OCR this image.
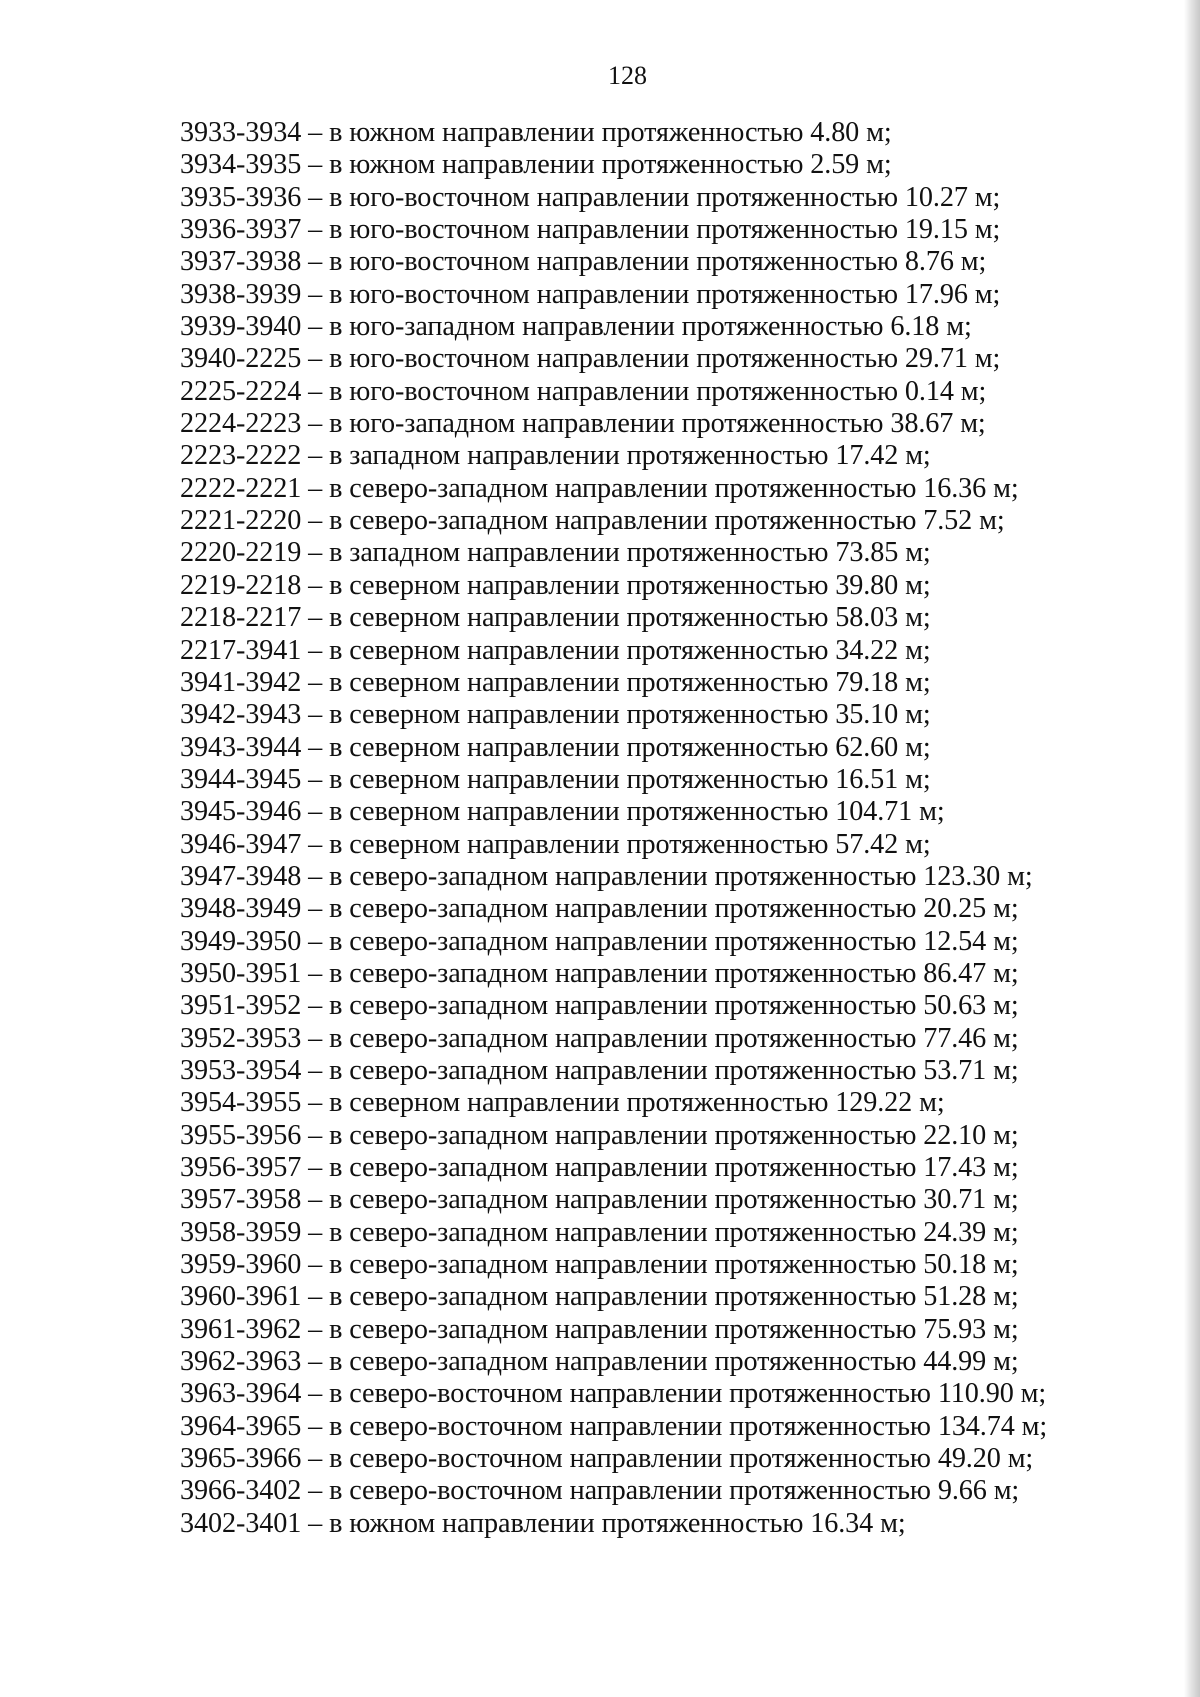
128
3933-3934 – в южном направлении протяженностью 4.80 м;
3934-3935 – в южном направлении протяженностью 2.59 м;
3935-3936 – в юго-восточном направлении протяженностью 10.27 м;
3936-3937 – в юго-восточном направлении протяженностью 19.15 м;
3937-3938 – в юго-восточном направлении протяженностью 8.76 м;
3938-3939 – в юго-восточном направлении протяженностью 17.96 м;
3939-3940 – в юго-западном направлении протяженностью 6.18 м;
3940-2225 – в юго-восточном направлении протяженностью 29.71 м;
2225-2224 – в юго-восточном направлении протяженностью 0.14 м;
2224-2223 – в юго-западном направлении протяженностью 38.67 м;
2223-2222 – в западном направлении протяженностью 17.42 м;
2222-2221 – в северо-западном направлении протяженностью 16.36 м;
2221-2220 – в северо-западном направлении протяженностью 7.52 м;
2220-2219 – в западном направлении протяженностью 73.85 м;
2219-2218 – в северном направлении протяженностью 39.80 м;
2218-2217 – в северном направлении протяженностью 58.03 м;
2217-3941 – в северном направлении протяженностью 34.22 м;
3941-3942 – в северном направлении протяженностью 79.18 м;
3942-3943 – в северном направлении протяженностью 35.10 м;
3943-3944 – в северном направлении протяженностью 62.60 м;
3944-3945 – в северном направлении протяженностью 16.51 м;
3945-3946 – в северном направлении протяженностью 104.71 м;
3946-3947 – в северном направлении протяженностью 57.42 м;
3947-3948 – в северо-западном направлении протяженностью 123.30 м;
3948-3949 – в северо-западном направлении протяженностью 20.25 м;
3949-3950 – в северо-западном направлении протяженностью 12.54 м;
3950-3951 – в северо-западном направлении протяженностью 86.47 м;
3951-3952 – в северо-западном направлении протяженностью 50.63 м;
3952-3953 – в северо-западном направлении протяженностью 77.46 м;
3953-3954 – в северо-западном направлении протяженностью 53.71 м;
3954-3955 – в северном направлении протяженностью 129.22 м;
3955-3956 – в северо-западном направлении протяженностью 22.10 м;
3956-3957 – в северо-западном направлении протяженностью 17.43 м;
3957-3958 – в северо-западном направлении протяженностью 30.71 м;
3958-3959 – в северо-западном направлении протяженностью 24.39 м;
3959-3960 – в северо-западном направлении протяженностью 50.18 м;
3960-3961 – в северо-западном направлении протяженностью 51.28 м;
3961-3962 – в северо-западном направлении протяженностью 75.93 м;
3962-3963 – в северо-западном направлении протяженностью 44.99 м;
3963-3964 – в северо-восточном направлении протяженностью 110.90 м;
3964-3965 – в северо-восточном направлении протяженностью 134.74 м;
3965-3966 – в северо-восточном направлении протяженностью 49.20 м;
3966-3402 – в северо-восточном направлении протяженностью 9.66 м;
3402-3401 – в южном направлении протяженностью 16.34 м;
